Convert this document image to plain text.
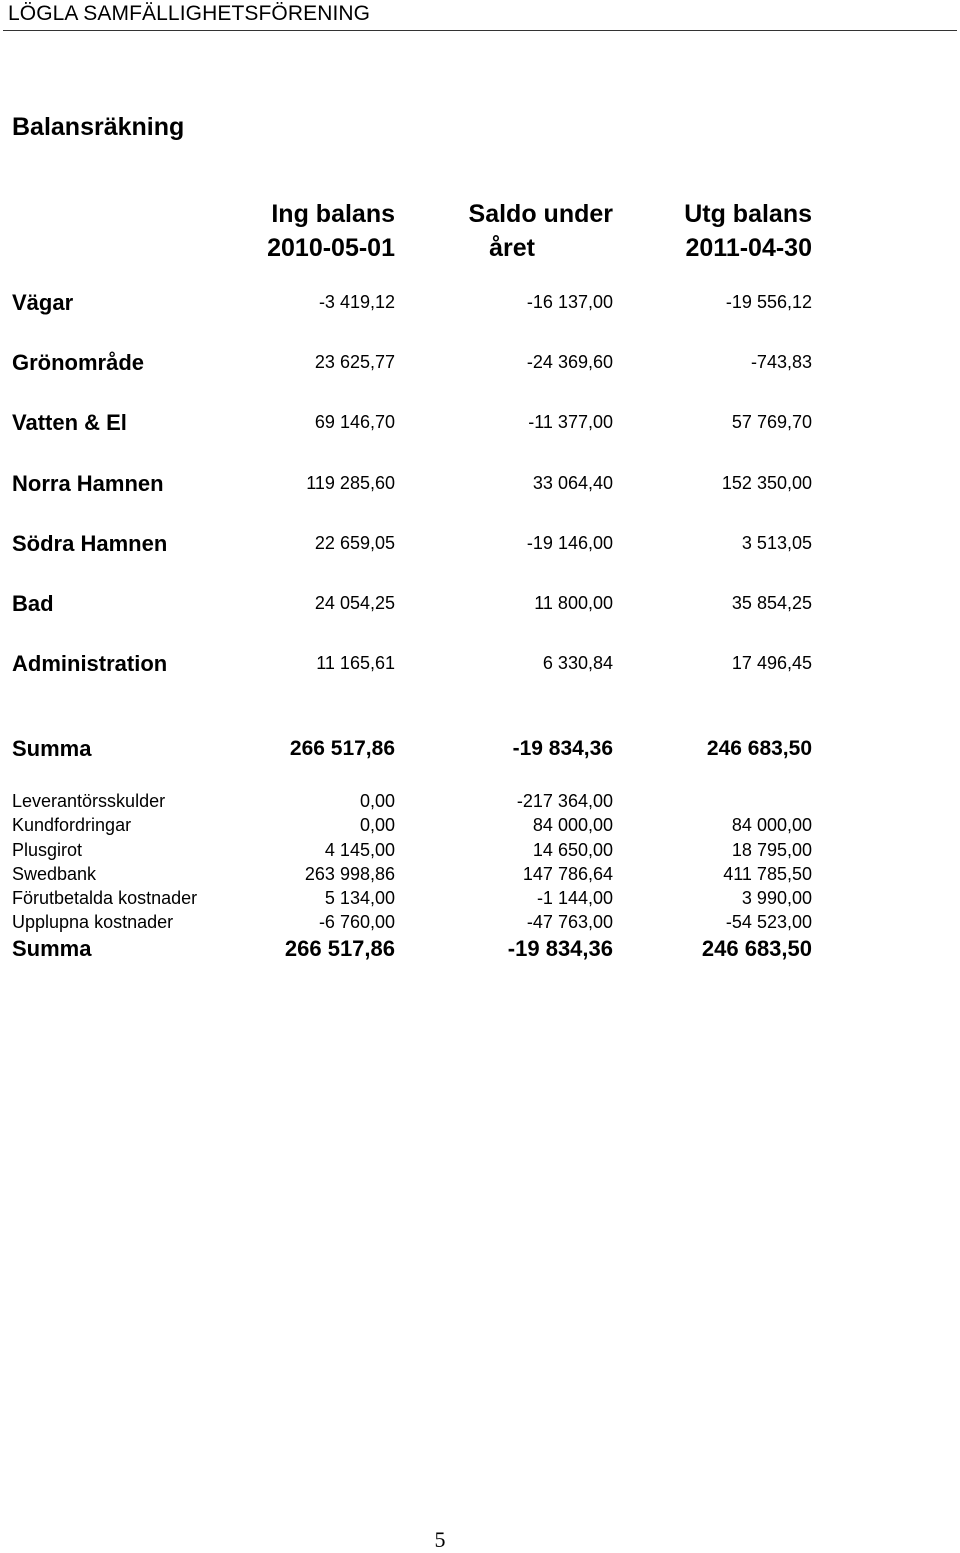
LÖGLA SAMFÄLLIGHETSFÖRENING
Balansräkning
Ing balans
2010-05-01
Saldo under
året
Utg balans
2011-04-30
Vägar	-3 419,12	-16 137,00	-19 556,12
Grönområde	23 625,77	-24 369,60	-743,83
Vatten & El	69 146,70	-11 377,00	57 769,70
Norra Hamnen	119 285,60	33 064,40	152 350,00
Södra Hamnen	22 659,05	-19 146,00	3 513,05
Bad	24 054,25	11 800,00	35 854,25
Administration	11 165,61	6 330,84	17 496,45
Summa	266 517,86	-19 834,36	246 683,50
Leverantörsskulder	0,00	-217 364,00
Kundfordringar	0,00	84 000,00	84 000,00
Plusgirot	4 145,00	14 650,00	18 795,00
Swedbank	263 998,86	147 786,64	411 785,50
Förutbetalda kostnader	5 134,00	-1 144,00	3 990,00
Upplupna kostnader	-6 760,00	-47 763,00	-54 523,00
Summa	266 517,86	-19 834,36	246 683,50
5
